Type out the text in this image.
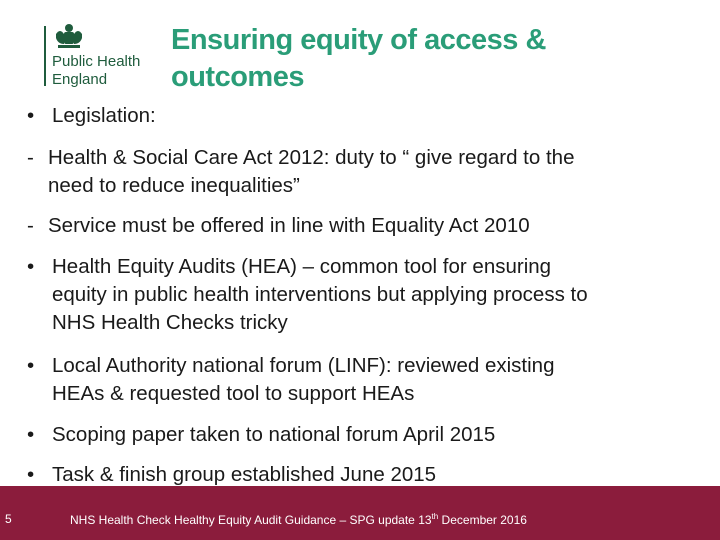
Public Health
England
Ensuring equity of access &
outcomes
• Legislation:
- Health & Social Care Act 2012: duty to “ give regard to the
need to reduce inequalities”
- Service must be offered in line with Equality Act 2010
• Health Equity Audits (HEA) – common tool for ensuring
equity in public health interventions but applying process to
NHS Health Checks tricky
• Local Authority national forum (LINF): reviewed existing
HEAs & requested tool to support HEAs
• Scoping paper taken to national forum April 2015
• Task & finish group established June 2015
5	NHS Health Check Healthy Equity Audit Guidance – SPG update 13th December 2016
